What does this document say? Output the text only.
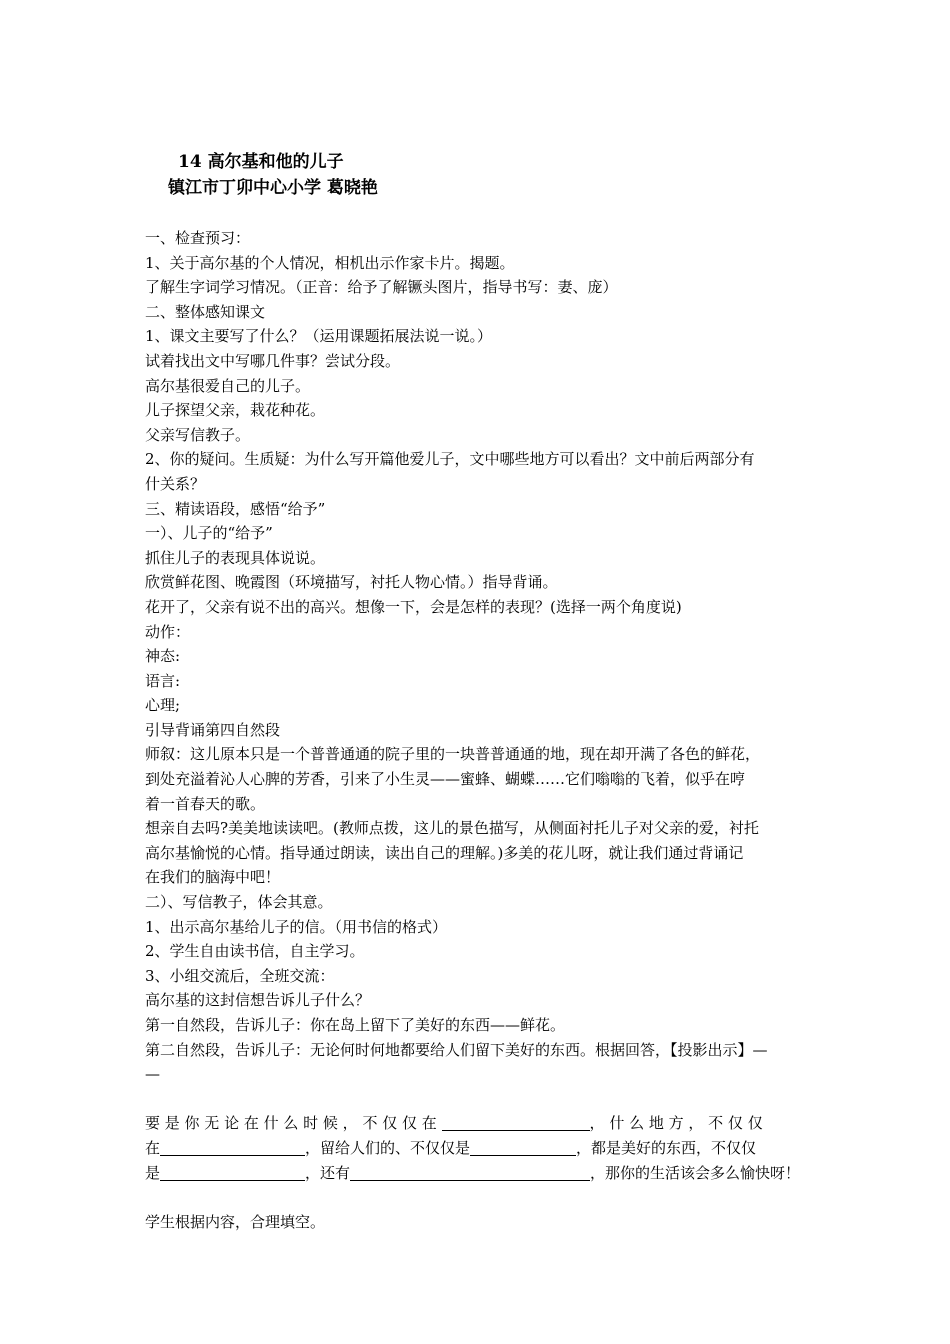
14 高尔基和他的儿子
镇江市丁卯中心小学 葛晓艳
一、检查预习：
1、关于高尔基的个人情况，相机出示作家卡片。揭题。
了解生字词学习情况。（正音：给予了解镢头图片，指导书写：妻、庞）
二、整体感知课文
1、课文主要写了什么？（运用课题拓展法说一说。）
试着找出文中写哪几件事？尝试分段。
高尔基很爱自己的儿子。
儿子探望父亲，栽花种花。
父亲写信教子。
2、你的疑问。生质疑：为什么写开篇他爱儿子，文中哪些地方可以看出？文中前后两部分有
什关系？
三、精读语段，感悟“给予”
一）、儿子的“给予”
抓住儿子的表现具体说说。
欣赏鲜花图、晚霞图（环境描写，衬托人物心情。）指导背诵。
花开了，父亲有说不出的高兴。想像一下，会是怎样的表现？(选择一两个角度说)
动作：
神态:
语言:
心理;
引导背诵第四自然段
师叙：这儿原本只是一个普普通通的院子里的一块普普通通的地，现在却开满了各色的鲜花，
到处充溢着沁人心脾的芳香，引来了小生灵——蜜蜂、蝴蝶……它们嗡嗡的飞着，似乎在哼
着一首春天的歌。
想亲自去吗?美美地读读吧。(教师点拨，这儿的景色描写，从侧面衬托儿子对父亲的爱，衬托
高尔基愉悦的心情。指导通过朗读，读出自己的理解。)多美的花儿呀，就让我们通过背诵记
在我们的脑海中吧！
二）、写信教子，体会其意。
1、出示高尔基给儿子的信。（用书信的格式）
2、学生自由读书信，自主学习。
3、小组交流后，全班交流：
高尔基的这封信想告诉儿子什么？
第一自然段，告诉儿子：你在岛上留下了美好的东西——鲜花。
第二自然段，告诉儿子：无论何时何地都要给人们留下美好的东西。根据回答，【投影出示】—
—
要 是 你 无 论 在 什 么 时 候 ， 不 仅 仅 在	， 什 么 地 方 ， 不 仅 仅
在	，留给人们的、不仅仅是	，都是美好的东西，不仅仅
是	，还有	，那你的生活该会多么愉快呀！
学生根据内容，合理填空。
